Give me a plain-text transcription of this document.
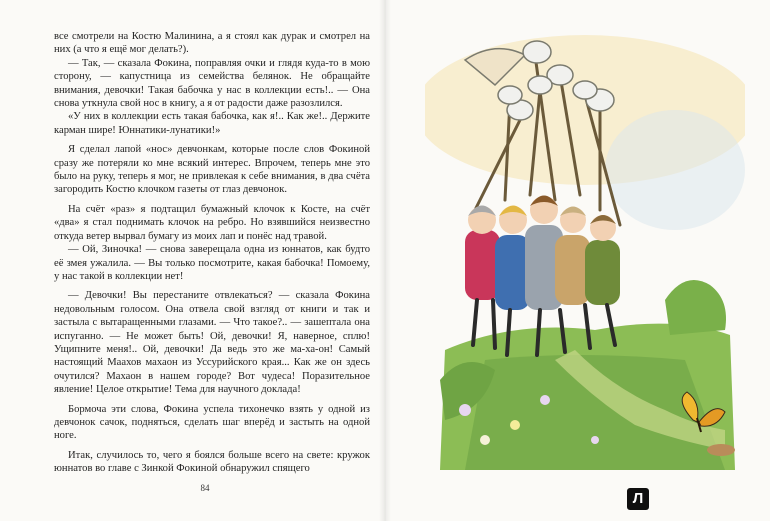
все смотрели на Костю Малинина, а я стоял как дурак и смотрел на них (а что я ещё мог делать?).

— Так, — сказала Фокина, поправляя очки и глядя куда-то в мою сторону, — капустница из семейства белянок. Не обращайте внимания, девочки! Такая бабочка у нас в коллекции есть!.. — Она снова уткнула свой нос в книгу, а я от радости даже разозлился.

«У них в коллекции есть такая бабочка, как я!.. Как же!.. Держите карман шире! Юннатики-лунатики!»

Я сделал лапой «нос» девчонкам, которые после слов Фокиной сразу же потеряли ко мне всякий интерес. Впрочем, теперь мне это было на руку, теперь я мог, не привлекая к себе внимания, в два счёта загородить Костю клочком газеты от глаз девчонок.

На счёт «раз» я подтащил бумажный клочок к Косте, на счёт «два» я стал поднимать клочок на ребро. Но взявшийся неизвестно откуда ветер вырвал бумагу из моих лап и понёс над травой.

— Ой, Зиночка! — снова заверещала одна из юннатов, как будто её змея ужалила. — Вы только посмотрите, какая бабочка! Помоему, у нас такой в коллекции нет!

— Девочки! Вы перестаните отвлекаться? — сказала Фокина недовольным голосом. Она отвела свой взгляд от книги и так и застыла с вытаращенными глазами. — Что такое?.. — зашептала она испуганно. — Не может быть! Ой, девочки! Я, наверное, сплю! Ущипните меня!.. Ой, девочки! Да ведь это же ма-ха-он! Самый настоящий Маахов махаон из Уссурийского края... Как же он здесь очутился? Махаон в нашем городе? Вот чудеса! Поразительное явление! Целое открытие! Тема для научного доклада!

Бормоча эти слова, Фокина успела тихонечко взять у одной из девчонок сачок, подняться, сделать шаг вперёд и застыть на одной ноге.

Итак, случилось то, чего я боялся больше всего на свете: кружок юннатов во главе с Зинкой Фокиной обнаружил спящего

84
Л
